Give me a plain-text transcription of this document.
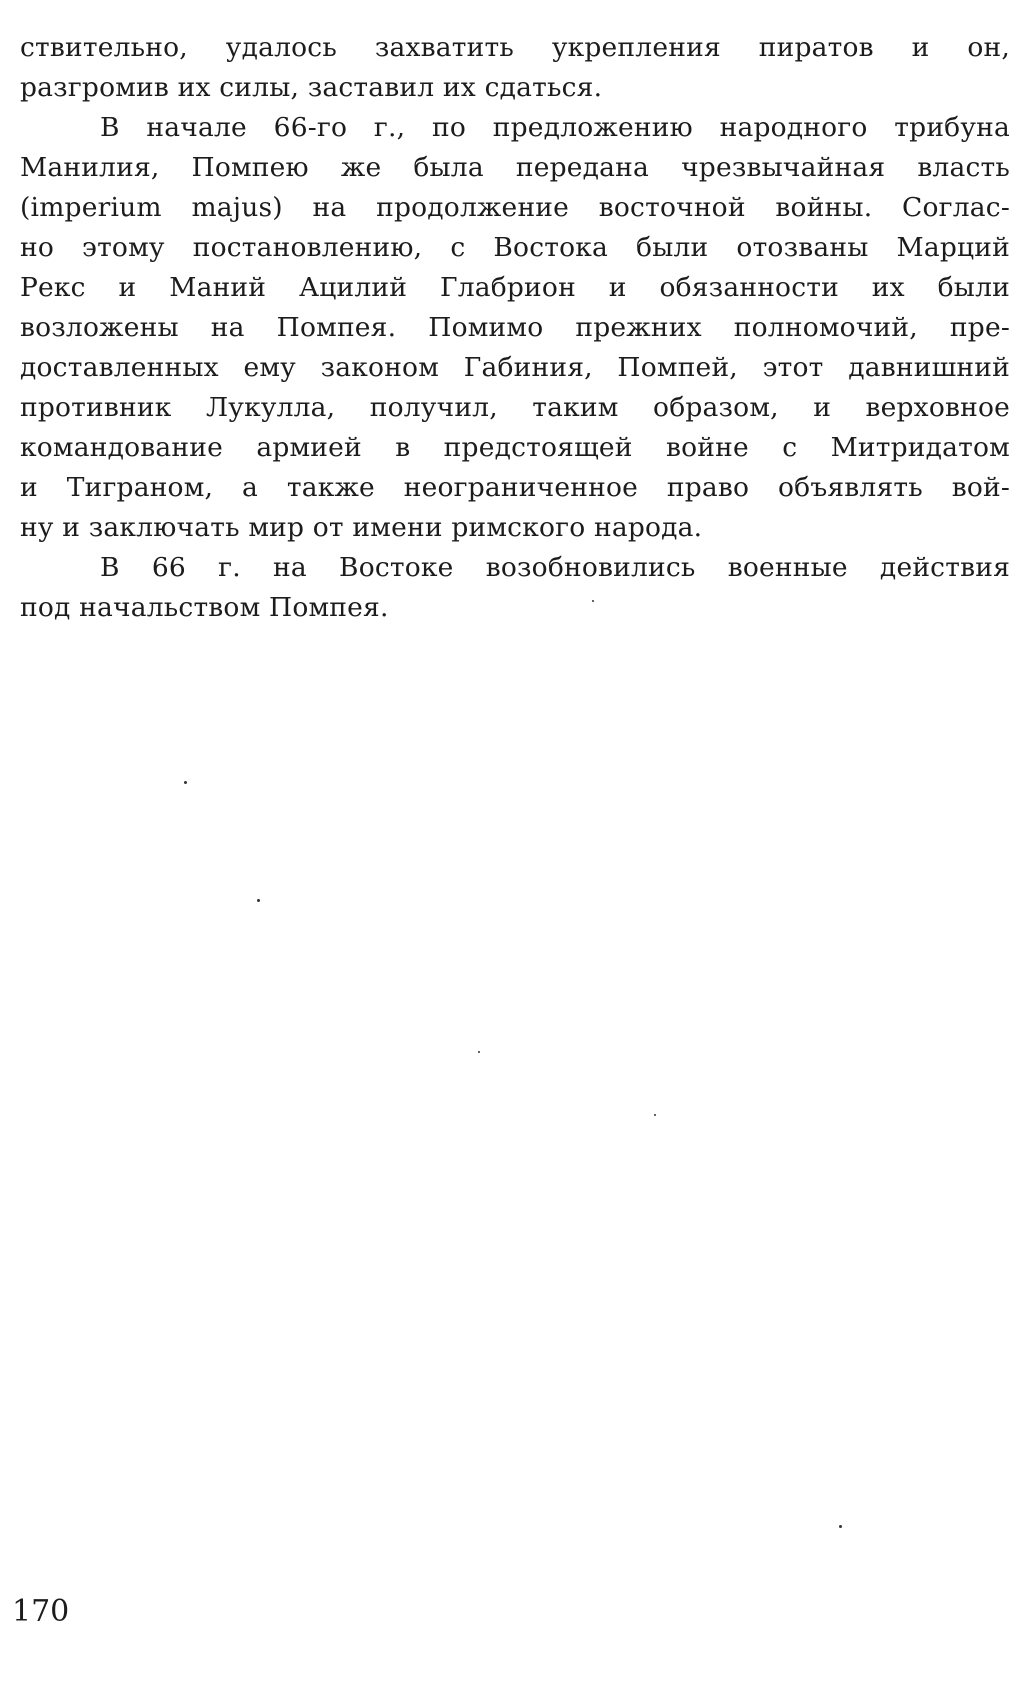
ствительно, удалось захватить укрепления пиратов и он,
разгромив их силы, заставил их сдаться.
В начале 66-го г., по предложению народного трибуна
Манилия, Помпею же была передана чрезвычайная власть
(imperium majus) на продолжение восточной войны. Соглас-
но этому постановлению, с Востока были отозваны Марций
Рекс и Маний Ацилий Глабрион и обязанности их были
возложены на Помпея. Помимо прежних полномочий, пре-
доставленных ему законом Габиния, Помпей, этот давнишний
противник Лукулла, получил, таким образом, и верховное
командование армией в предстоящей войне с Митридатом
и Тиграном, а также неограниченное право объявлять вой-
ну и заключать мир от имени римского народа.
В 66 г. на Востоке возобновились военные действия
под начальством Помпея.
170
